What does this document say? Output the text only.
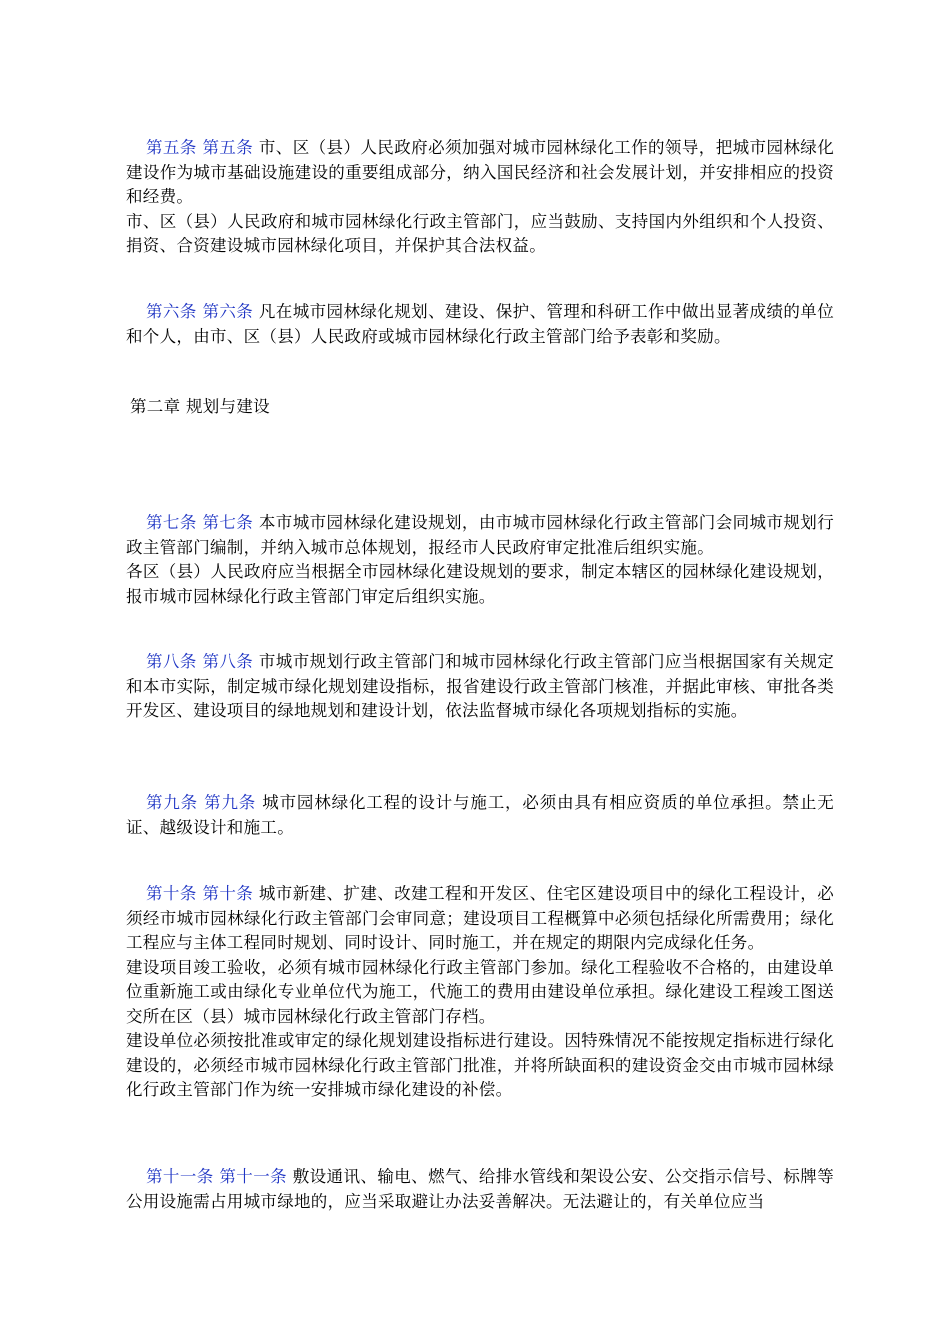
第五条 第五条 市、区（县）人民政府必须加强对城市园林绿化工作的领导，把城市园林绿化建设作为城市基础设施建设的重要组成部分，纳入国民经济和社会发展计划，并安排相应的投资和经费。
市、区（县）人民政府和城市园林绿化行政主管部门，应当鼓励、支持国内外组织和个人投资、捐资、合资建设城市园林绿化项目，并保护其合法权益。
第六条 第六条 凡在城市园林绿化规划、建设、保护、管理和科研工作中做出显著成绩的单位和个人，由市、区（县）人民政府或城市园林绿化行政主管部门给予表彰和奖励。
第二章 规划与建设
第七条 第七条 本市城市园林绿化建设规划，由市城市园林绿化行政主管部门会同城市规划行政主管部门编制，并纳入城市总体规划，报经市人民政府审定批准后组织实施。
各区（县）人民政府应当根据全市园林绿化建设规划的要求，制定本辖区的园林绿化建设规划，报市城市园林绿化行政主管部门审定后组织实施。
第八条 第八条 市城市规划行政主管部门和城市园林绿化行政主管部门应当根据国家有关规定和本市实际，制定城市绿化规划建设指标，报省建设行政主管部门核准，并据此审核、审批各类开发区、建设项目的绿地规划和建设计划，依法监督城市绿化各项规划指标的实施。
第九条 第九条 城市园林绿化工程的设计与施工，必须由具有相应资质的单位承担。禁止无证、越级设计和施工。
第十条 第十条 城市新建、扩建、改建工程和开发区、住宅区建设项目中的绿化工程设计，必须经市城市园林绿化行政主管部门会审同意；建设项目工程概算中必须包括绿化所需费用；绿化工程应与主体工程同时规划、同时设计、同时施工，并在规定的期限内完成绿化任务。
建设项目竣工验收，必须有城市园林绿化行政主管部门参加。绿化工程验收不合格的，由建设单位重新施工或由绿化专业单位代为施工，代施工的费用由建设单位承担。绿化建设工程竣工图送交所在区（县）城市园林绿化行政主管部门存档。
建设单位必须按批准或审定的绿化规划建设指标进行建设。因特殊情况不能按规定指标进行绿化建设的，必须经市城市园林绿化行政主管部门批准，并将所缺面积的建设资金交由市城市园林绿化行政主管部门作为统一安排城市绿化建设的补偿。
第十一条 第十一条 敷设通讯、输电、燃气、给排水管线和架设公安、公交指示信号、标牌等公用设施需占用城市绿地的，应当采取避让办法妥善解决。无法避让的，有关单位应当
